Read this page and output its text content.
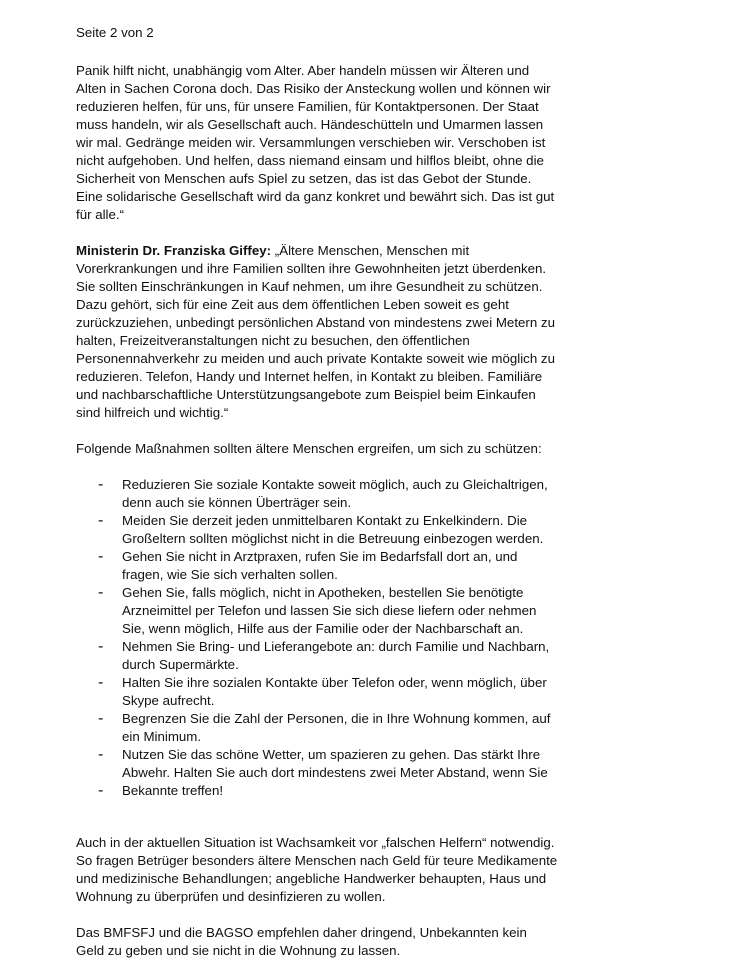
Seite 2 von 2
Panik hilft nicht, unabhängig vom Alter. Aber handeln müssen wir Älteren und
Alten in Sachen Corona doch. Das Risiko der Ansteckung wollen und können wir
reduzieren helfen, für uns, für unsere Familien, für Kontaktpersonen. Der Staat
muss handeln, wir als Gesellschaft auch. Händeschütteln und Umarmen lassen
wir mal. Gedränge meiden wir. Versammlungen verschieben wir. Verschoben ist
nicht aufgehoben. Und helfen, dass niemand einsam und hilflos bleibt, ohne die
Sicherheit von Menschen aufs Spiel zu setzen, das ist das Gebot der Stunde.
Eine solidarische Gesellschaft wird da ganz konkret und bewährt sich. Das ist gut
für alle.“
Ministerin Dr. Franziska Giffey: „Ältere Menschen, Menschen mit
Vorerkrankungen und ihre Familien sollten ihre Gewohnheiten jetzt überdenken.
Sie sollten Einschränkungen in Kauf nehmen, um ihre Gesundheit zu schützen.
Dazu gehört, sich für eine Zeit aus dem öffentlichen Leben soweit es geht
zurückzuziehen, unbedingt persönlichen Abstand von mindestens zwei Metern zu
halten, Freizeitveranstaltungen nicht zu besuchen, den öffentlichen
Personennahverkehr zu meiden und auch private Kontakte soweit wie möglich zu
reduzieren. Telefon, Handy und Internet helfen, in Kontakt zu bleiben. Familiäre
und nachbarschaftliche Unterstützungsangebote zum Beispiel beim Einkaufen
sind hilfreich und wichtig.“
Folgende Maßnahmen sollten ältere Menschen ergreifen, um sich zu schützen:
- Reduzieren Sie soziale Kontakte soweit möglich, auch zu Gleichaltrigen,
denn auch sie können Überträger sein.
- Meiden Sie derzeit jeden unmittelbaren Kontakt zu Enkelkindern. Die
Großeltern sollten möglichst nicht in die Betreuung einbezogen werden.
- Gehen Sie nicht in Arztpraxen, rufen Sie im Bedarfsfall dort an, und
fragen, wie Sie sich verhalten sollen.
- Gehen Sie, falls möglich, nicht in Apotheken, bestellen Sie benötigte
Arzneimittel per Telefon und lassen Sie sich diese liefern oder nehmen
Sie, wenn möglich, Hilfe aus der Familie oder der Nachbarschaft an.
- Nehmen Sie Bring- und Lieferangebote an: durch Familie und Nachbarn,
durch Supermärkte.
- Halten Sie ihre sozialen Kontakte über Telefon oder, wenn möglich, über
Skype aufrecht.
- Begrenzen Sie die Zahl der Personen, die in Ihre Wohnung kommen, auf
ein Minimum.
- Nutzen Sie das schöne Wetter, um spazieren zu gehen. Das stärkt Ihre
Abwehr. Halten Sie auch dort mindestens zwei Meter Abstand, wenn Sie
- Bekannte treffen!
Auch in der aktuellen Situation ist Wachsamkeit vor „falschen Helfern“ notwendig.
So fragen Betrüger besonders ältere Menschen nach Geld für teure Medikamente
und medizinische Behandlungen; angebliche Handwerker behaupten, Haus und
Wohnung zu überprüfen und desinfizieren zu wollen.
Das BMFSFJ und die BAGSO empfehlen daher dringend, Unbekannten kein
Geld zu geben und sie nicht in die Wohnung zu lassen.
